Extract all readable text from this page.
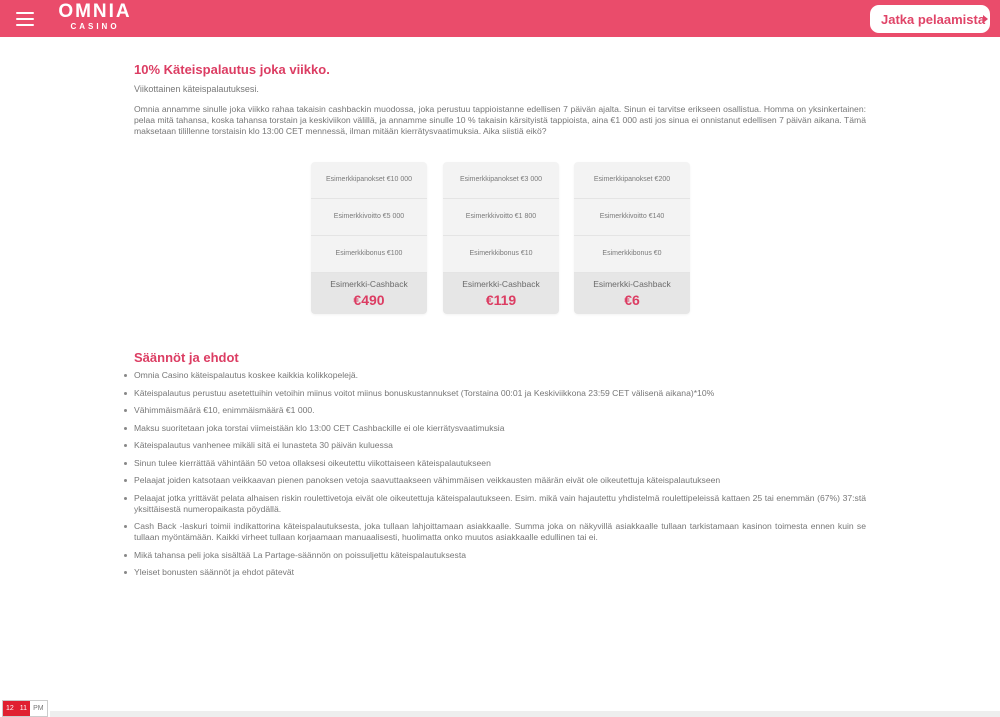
OMNIA
CASINO	Jatka pelaamista
10% Käteispalautus joka viikko.

Viikottainen käteispalautuksesi.

Omnia annamme sinulle joka viikko rahaa takaisin cashbackin muodossa, joka perustuu tappioistanne edellisen 7 päivän ajalta. Sinun ei tarvitse erikseen osallistua. Homma on yksinkertainen: pelaa mitä tahansa, koska tahansa torstain ja keskiviikon välillä, ja annamme sinulle 10 % takaisin kärsityistä tappioista, aina €1 000 asti jos sinua ei onnistanut edellisen 7 päivän aikana. Tämä maksetaan tilillenne torstaisin klo 13:00 CET mennessä, ilman mitään kierrätysvaatimuksia. Aika siistiä eikö?

Esimerkkipanokset €10 000
Esimerkkivoitto €5 000
Esimerkkibonus €100
Esimerkki-Cashback
€490
Esimerkkipanokset €3 000
Esimerkkivoitto €1 800
Esimerkkibonus €10
Esimerkki-Cashback
€119
Esimerkkipanokset €200
Esimerkkivoitto €140
Esimerkkibonus €0
Esimerkki-Cashback
€6
Säännöt ja ehdot
Omnia Casino käteispalautus koskee kaikkia kolikkopelejä.
Käteispalautus perustuu asetettuihin vetoihin miinus voitot miinus bonuskustannukset (Torstaina 00:01 ja Keskiviikkona 23:59 CET välisenä aikana)*10%
Vähimmäismäärä €10, enimmäismäärä €1 000.
Maksu suoritetaan joka torstai viimeistään klo 13:00 CET Cashbackille ei ole kierrätysvaatimuksia
Käteispalautus vanhenee mikäli sitä ei lunasteta 30 päivän kuluessa
Sinun tulee kierrättää vähintään 50 vetoa ollaksesi oikeutettu viikottaiseen käteispalautukseen
Pelaajat joiden katsotaan veikkaavan pienen panoksen vetoja saavuttaakseen vähimmäisen veikkausten määrän eivät ole oikeutettuja käteispalautukseen
Pelaajat jotka yrittävät pelata alhaisen riskin roulettivetoja eivät ole oikeutettuja käteispalautukseen. Esim. mikä vain hajautettu yhdistelmä roulettipeleissä kattaen 25 tai enemmän (67%) 37:stä yksittäisestä numeropaikasta pöydällä.
Cash Back -laskuri toimii indikattorina käteispalautuksesta, joka tullaan lahjoittamaan asiakkaalle. Summa joka on näkyvillä asiakkaalle tullaan tarkistamaan kasinon toimesta ennen kuin se tullaan myöntämään. Kaikki virheet tullaan korjaamaan manuaalisesti, huolimatta onko muutos asiakkaalle edullinen tai ei.
Mikä tahansa peli joka sisältää La Partage-säännön on poissuljettu käteispalautuksesta
Yleiset bonusten säännöt ja ehdot pätevät
12 11 PM
